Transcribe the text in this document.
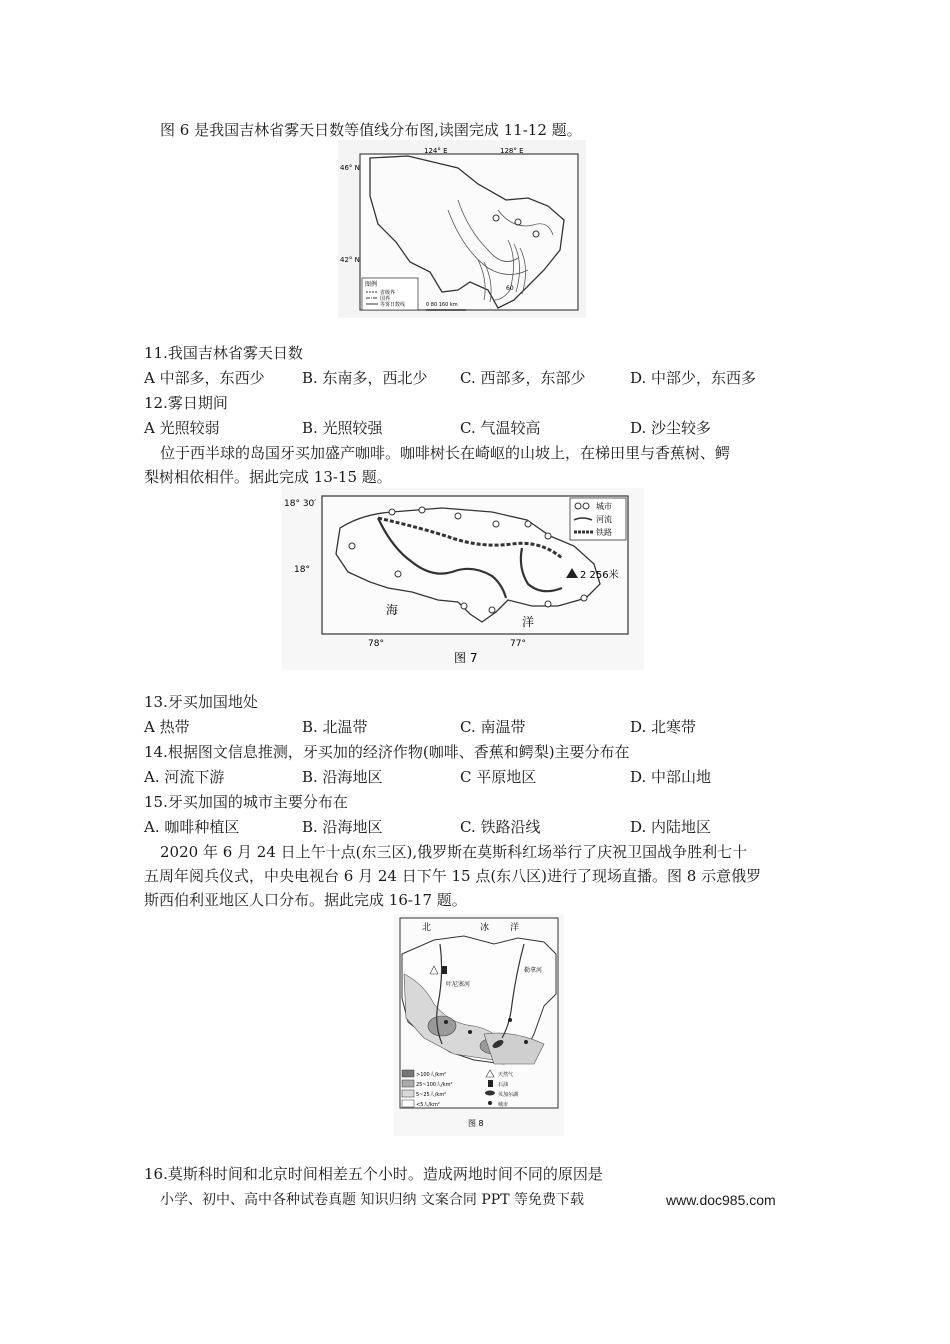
图 6 是我国吉林省雾天日数等值线分布图,读圉完成 11-12 题。
124° E	128° E
46° N
42° N
图例
省级界
国界
等雾日数线	0 80 160 km
60
11.我国吉林省雾天日数
A 中部多，东西少 B. 东南多，西北少 C. 西部多，东部少	D. 中部少，东西多
12.雾日期间
A 光照较弱	B. 光照较强	C. 气温较高	D. 沙尘较多
位于西半球的岛国牙买加盛产咖啡。咖啡树长在崎岖的山坡上，在梯田里与香蕉树、鳄
梨树相依相伴。据此完成 13-15 题。
18° 30′
18°
78°	77°
海
洋
2 256米
城市
河流
铁路
图 7
13.牙买加国地处
A 热带	B. 北温带	C. 南温带	D. 北寒带
14.根据图文信息推测，牙买加的经济作物(咖啡、香蕉和鳄梨)主要分布在
A. 河流下游	B. 沿海地区	C 平原地区	D. 中部山地
15.牙买加国的城市主要分布在
A. 咖啡种植区	B. 沿海地区	C. 铁路沿线	D. 内陆地区
2020 年 6 月 24 日上午十点(东三区),俄罗斯在莫斯科红场举行了庆祝卫国战争胜利七十
五周年阅兵仪式，中央电视台 6 月 24 日下午 15 点(东八区)进行了现场直播。图 8 示意俄罗
斯西伯利亚地区人口分布。据此完成 16-17 题。
北	冰 洋
叶尼塞河
勒拿河
>100人/km²
25~100人/km²
5~25人/km²
<5人/km²
天然气
石油
贝加尔湖
城市
图 8
16.莫斯科时间和北京时间相差五个小时。造成两地时间不同的原因是
小学、初中、高中各种试卷真题 知识归纳 文案合同 PPT 等免费下载	www.doc985.com
